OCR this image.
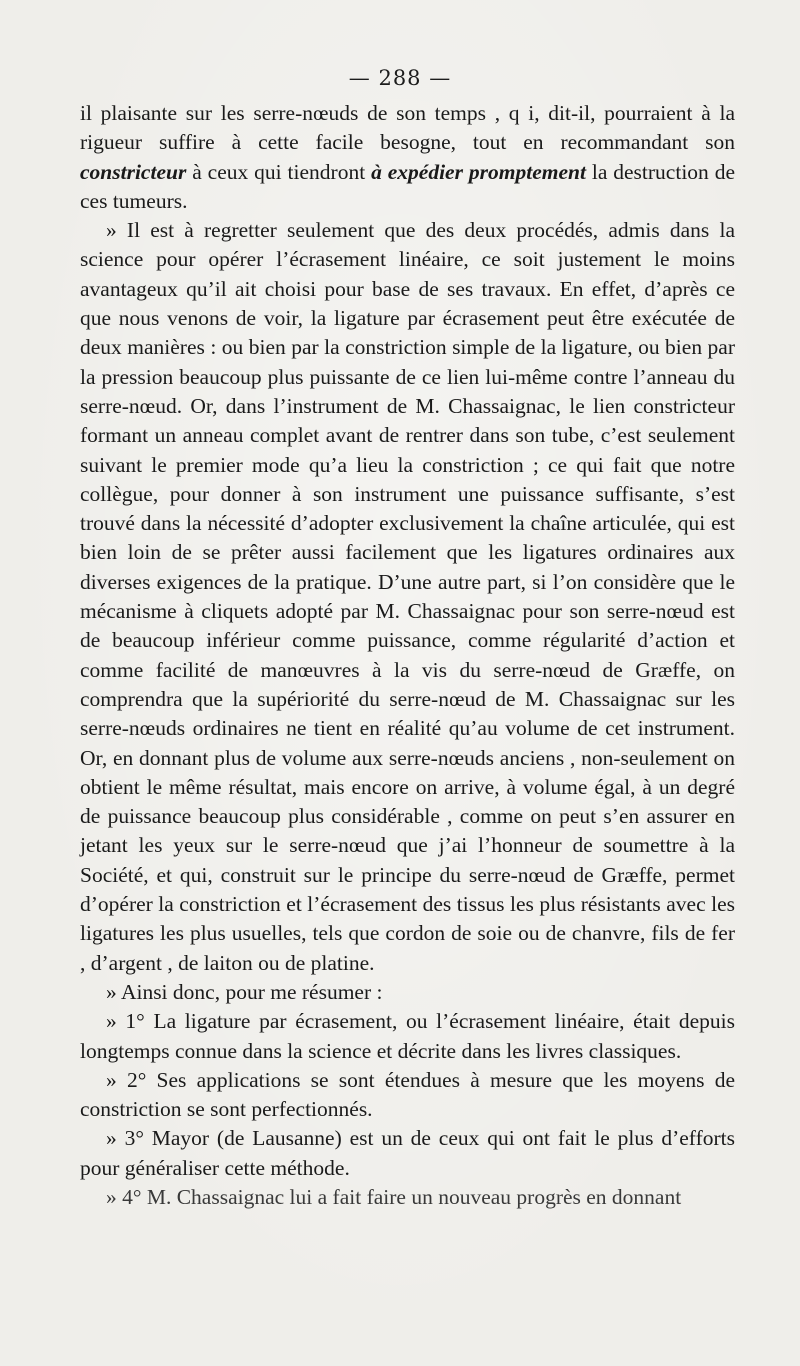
— 288 —

il plaisante sur les serre-nœuds de son temps , q i, dit-il, pourraient à la rigueur suffire à cette facile besogne, tout en recommandant son constricteur à ceux qui tiendront à expédier promptement la destruction de ces tumeurs.

» Il est à regretter seulement que des deux procédés, admis dans la science pour opérer l’écrasement linéaire, ce soit justement le moins avantageux qu’il ait choisi pour base de ses travaux. En effet, d’après ce que nous venons de voir, la ligature par écrasement peut être exécutée de deux manières : ou bien par la constriction simple de la ligature, ou bien par la pression beaucoup plus puissante de ce lien lui-même contre l’anneau du serre-nœud. Or, dans l’instrument de M. Chassaignac, le lien constricteur formant un anneau complet avant de rentrer dans son tube, c’est seulement suivant le premier mode qu’a lieu la constriction ; ce qui fait que notre collègue, pour donner à son instrument une puissance suffisante, s’est trouvé dans la nécessité d’adopter exclusivement la chaîne articulée, qui est bien loin de se prêter aussi facilement que les ligatures ordinaires aux diverses exigences de la pratique. D’une autre part, si l’on considère que le mécanisme à cliquets adopté par M. Chassaignac pour son serre-nœud est de beaucoup inférieur comme puissance, comme régularité d’action et comme facilité de manœuvres à la vis du serre-nœud de Græffe, on comprendra que la supériorité du serre-nœud de M. Chassaignac sur les serre-nœuds ordinaires ne tient en réalité qu’au volume de cet instrument. Or, en donnant plus de volume aux serre-nœuds anciens , non-seulement on obtient le même résultat, mais encore on arrive, à volume égal, à un degré de puissance beaucoup plus considérable , comme on peut s’en assurer en jetant les yeux sur le serre-nœud que j’ai l’honneur de soumettre à la Société, et qui, construit sur le principe du serre-nœud de Græffe, permet d’opérer la constriction et l’écrasement des tissus les plus résistants avec les ligatures les plus usuelles, tels que cordon de soie ou de chanvre, fils de fer , d’argent , de laiton ou de platine.

» Ainsi donc, pour me résumer :

» 1° La ligature par écrasement, ou l’écrasement linéaire, était depuis longtemps connue dans la science et décrite dans les livres classiques.

» 2° Ses applications se sont étendues à mesure que les moyens de constriction se sont perfectionnés.

» 3° Mayor (de Lausanne) est un de ceux qui ont fait le plus d’efforts pour généraliser cette méthode.

» 4° M. Chassaignac lui a fait faire un nouveau progrès en donnant
